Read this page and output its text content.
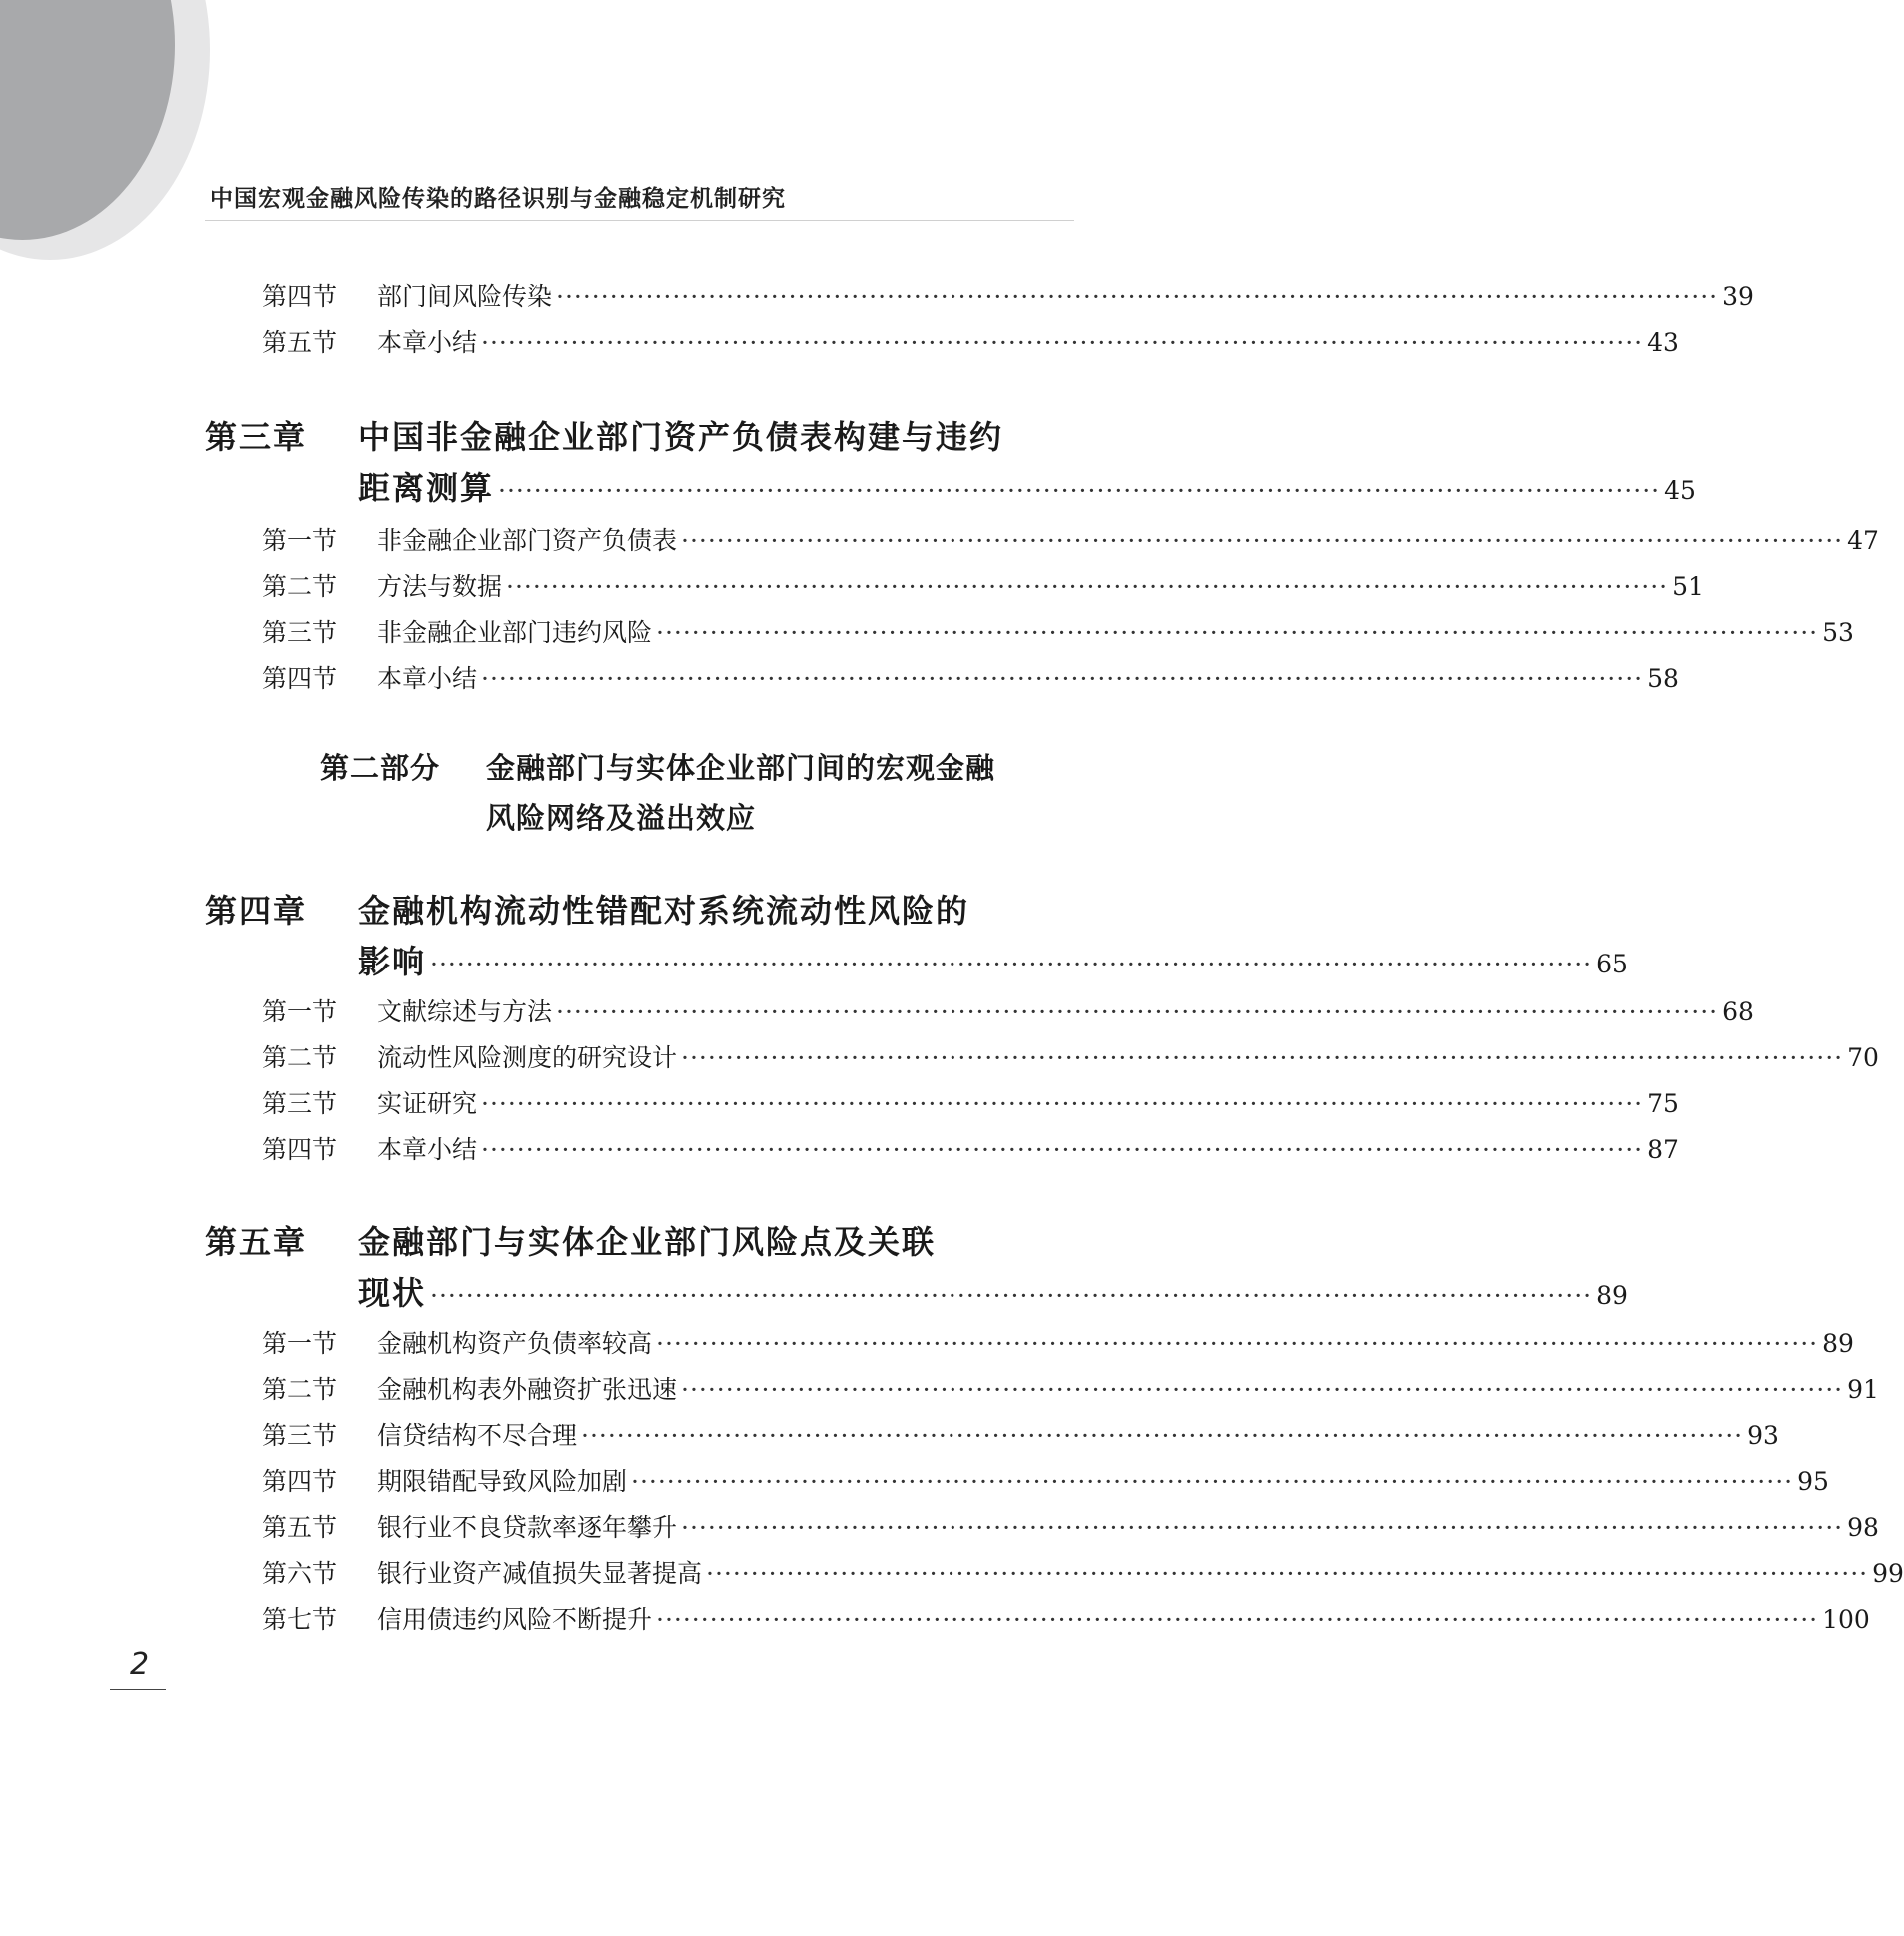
中国宏观金融风险传染的路径识别与金融稳定机制研究
第四节	部门间风险传染 ·································································································································· 39
第五节	本章小结 ·································································································································· 43
第三章 中国非金融企业部门资产负债表构建与违约
距离测算 ·································································································································· 45
第一节	非金融企业部门资产负债表 ·································································································································· 47
第二节	方法与数据 ·································································································································· 51
第三节	非金融企业部门违约风险 ·································································································································· 53
第四节	本章小结 ·································································································································· 58
第二部分 金融部门与实体企业部门间的宏观金融
风险网络及溢出效应
第四章 金融机构流动性错配对系统流动性风险的
影响 ·································································································································· 65
第一节	文献综述与方法 ·································································································································· 68
第二节	流动性风险测度的研究设计 ·································································································································· 70
第三节	实证研究 ·································································································································· 75
第四节	本章小结 ·································································································································· 87
第五章 金融部门与实体企业部门风险点及关联
现状 ·································································································································· 89
第一节	金融机构资产负债率较高 ·································································································································· 89
第二节	金融机构表外融资扩张迅速 ·································································································································· 91
第三节	信贷结构不尽合理 ·································································································································· 93
第四节	期限错配导致风险加剧 ·································································································································· 95
第五节	银行业不良贷款率逐年攀升 ·································································································································· 98
第六节	银行业资产减值损失显著提高 ·································································································································· 99
第七节	信用债违约风险不断提升 ·································································································································· 100
2
